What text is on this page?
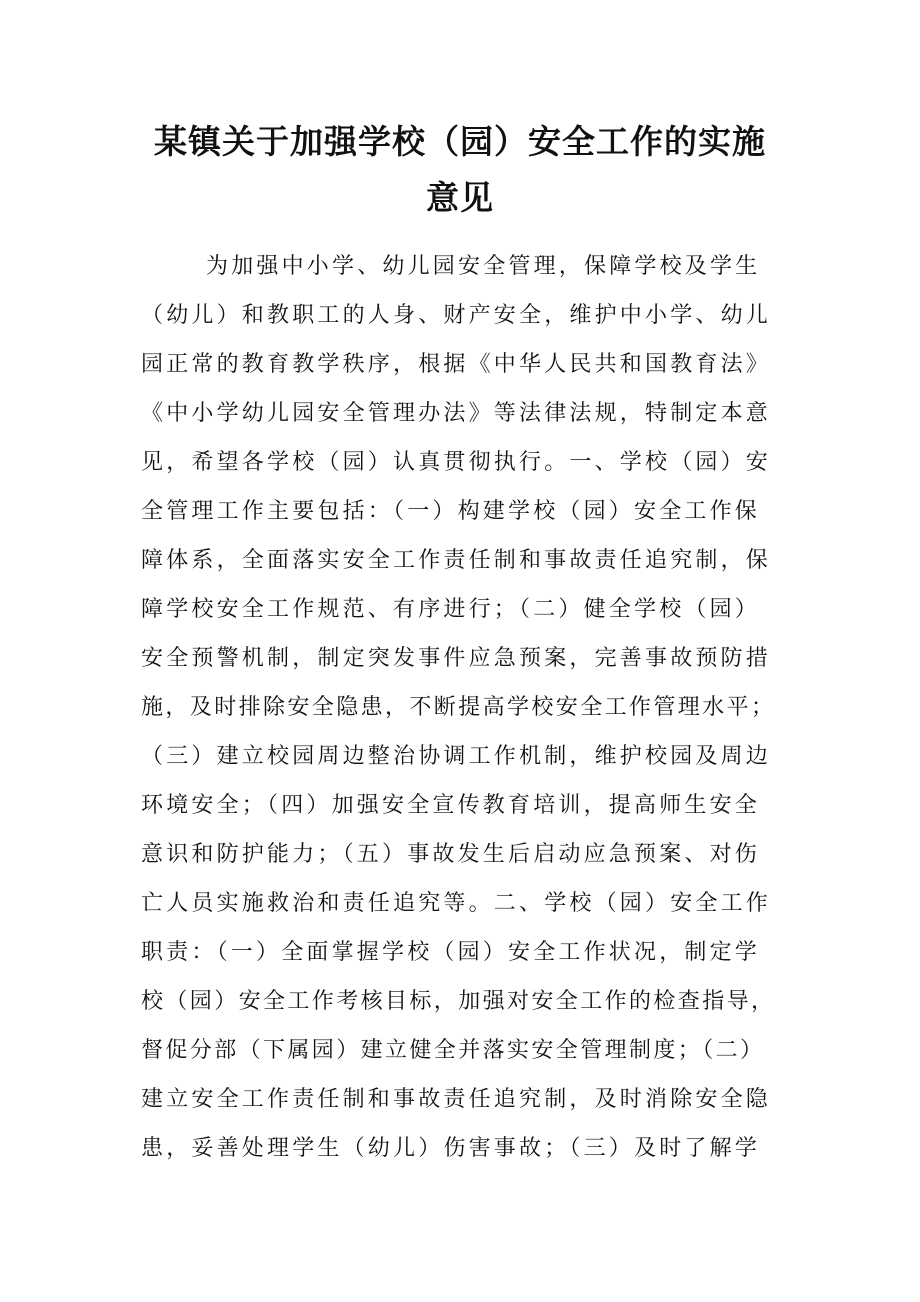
某镇关于加强学校（园）安全工作的实施
意见
为加强中小学、幼儿园安全管理，保障学校及学生
（幼儿）和教职工的人身、财产安全，维护中小学、幼儿
园正常的教育教学秩序，根据《中华人民共和国教育法》
《中小学幼儿园安全管理办法》等法律法规，特制定本意
见，希望各学校（园）认真贯彻执行。一、学校（园）安
全管理工作主要包括：（一）构建学校（园）安全工作保
障体系，全面落实安全工作责任制和事故责任追究制，保
障学校安全工作规范、有序进行；（二）健全学校（园）
安全预警机制，制定突发事件应急预案，完善事故预防措
施，及时排除安全隐患，不断提高学校安全工作管理水平；
（三）建立校园周边整治协调工作机制，维护校园及周边
环境安全；（四）加强安全宣传教育培训，提高师生安全
意识和防护能力；（五）事故发生后启动应急预案、对伤
亡人员实施救治和责任追究等。二、学校（园）安全工作
职责：（一）全面掌握学校（园）安全工作状况，制定学
校（园）安全工作考核目标，加强对安全工作的检查指导，
督促分部（下属园）建立健全并落实安全管理制度；（二）
建立安全工作责任制和事故责任追究制，及时消除安全隐
患，妥善处理学生（幼儿）伤害事故；（三）及时了解学
